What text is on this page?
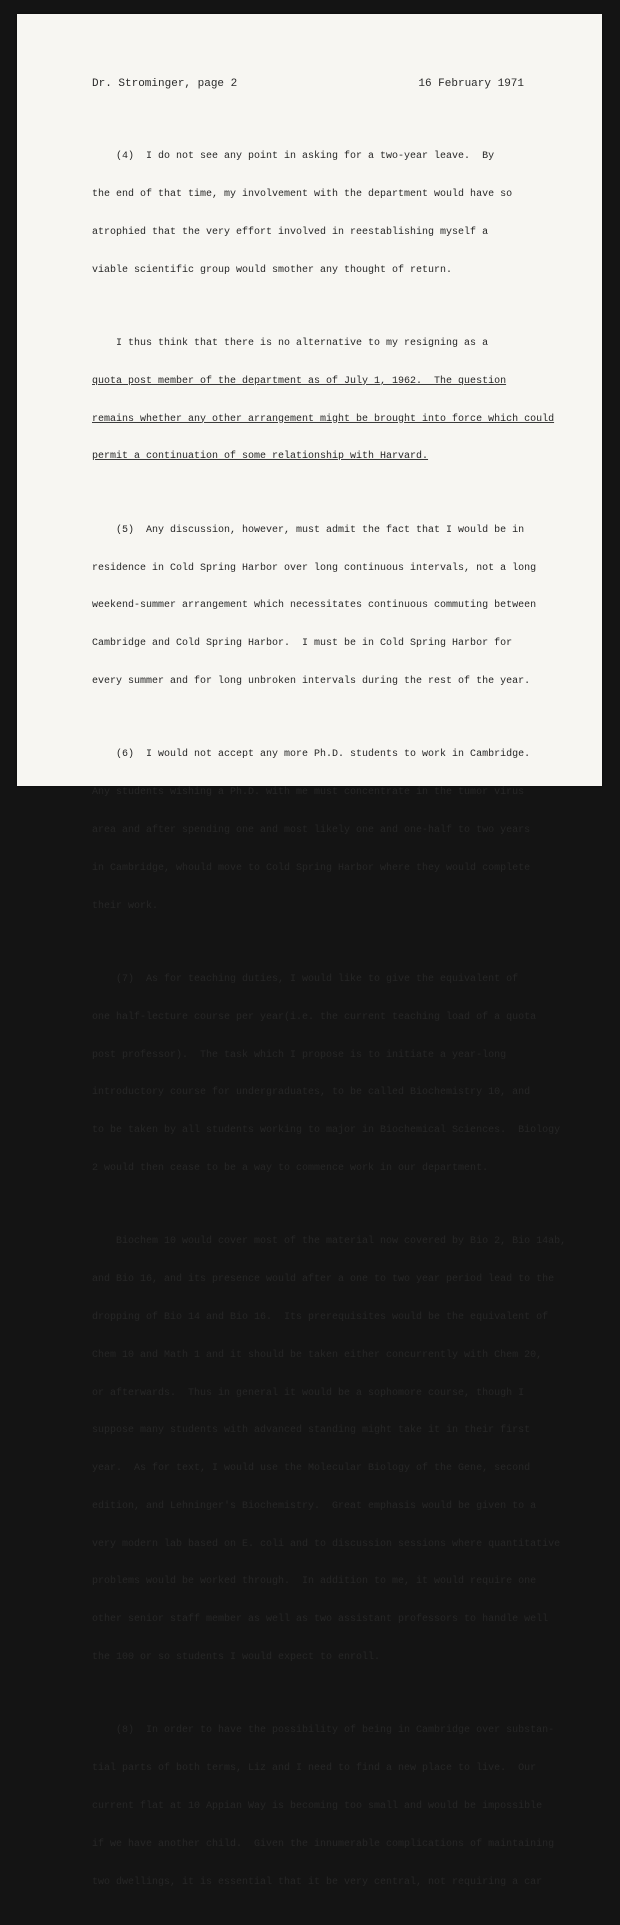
Dr. Strominger, page 2	16 February 1971

(4)  I do not see any point in asking for a two-year leave.  By

the end of that time, my involvement with the department would have so

atrophied that the very effort involved in reestablishing myself a

viable scientific group would smother any thought of return.

I thus think that there is no alternative to my resigning as a

quota post member of the department as of July 1, 1962.  The question

remains whether any other arrangement might be brought into force which could

permit a continuation of some relationship with Harvard.

(5)  Any discussion, however, must admit the fact that I would be in

residence in Cold Spring Harbor over long continuous intervals, not a long

weekend-summer arrangement which necessitates continuous commuting between

Cambridge and Cold Spring Harbor.  I must be in Cold Spring Harbor for

every summer and for long unbroken intervals during the rest of the year.

(6)  I would not accept any more Ph.D. students to work in Cambridge.

Any students wishing a Ph.D. with me must concentrate in the tumor virus

area and after spending one and most likely one and one-half to two years

in Cambridge, whould move to Cold Spring Harbor where they would complete

their work.

(7)  As for teaching duties, I would like to give the equivalent of

one half-lecture course per year(i.e. the current teaching load of a quota

post professor).  The task which I propose is to initiate a year-long

introductory course for undergraduates, to be called Biochemistry 10, and

to be taken by all students working to major in Biochemical Sciences.  Biology

2 would then cease to be a way to commence work in our department.

Biochem 10 would cover most of the material now covered by Bio 2, Bio 14ab,

and Bio 16, and its presence would after a one to two year period lead to the

dropping of Bio 14 and Bio 16.  Its prerequisites would be the equivalent of

Chem 10 and Math 1 and it should be taken either concurrently with Chem 20,

or afterwards.  Thus in general it would be a sophomore course, though I

suppose many students with advanced standing might take it in their first

year.  As for text, I would use the Molecular Biology of the Gene, second

edition, and Lehninger's Biochemistry.  Great emphasis would be given to a

very modern lab based on E. coli and to discussion sessions where quantitative

problems would be worked through.  In addition to me, it would require one

other senior staff member as well as two assistant professors to handle well

the 100 or so students I would expect to enroll.

(8)  In order to have the possibility of being in Cambridge over substan-

tial parts of both terms, Liz and I need to find a new place to live.  Our

current flat at 10 Appian Way is becoming too small and would be impossible

if we have another child.  Given the innumerable complications of maintaining

two dwellings, it is essential that it be very central, not requiring a car
